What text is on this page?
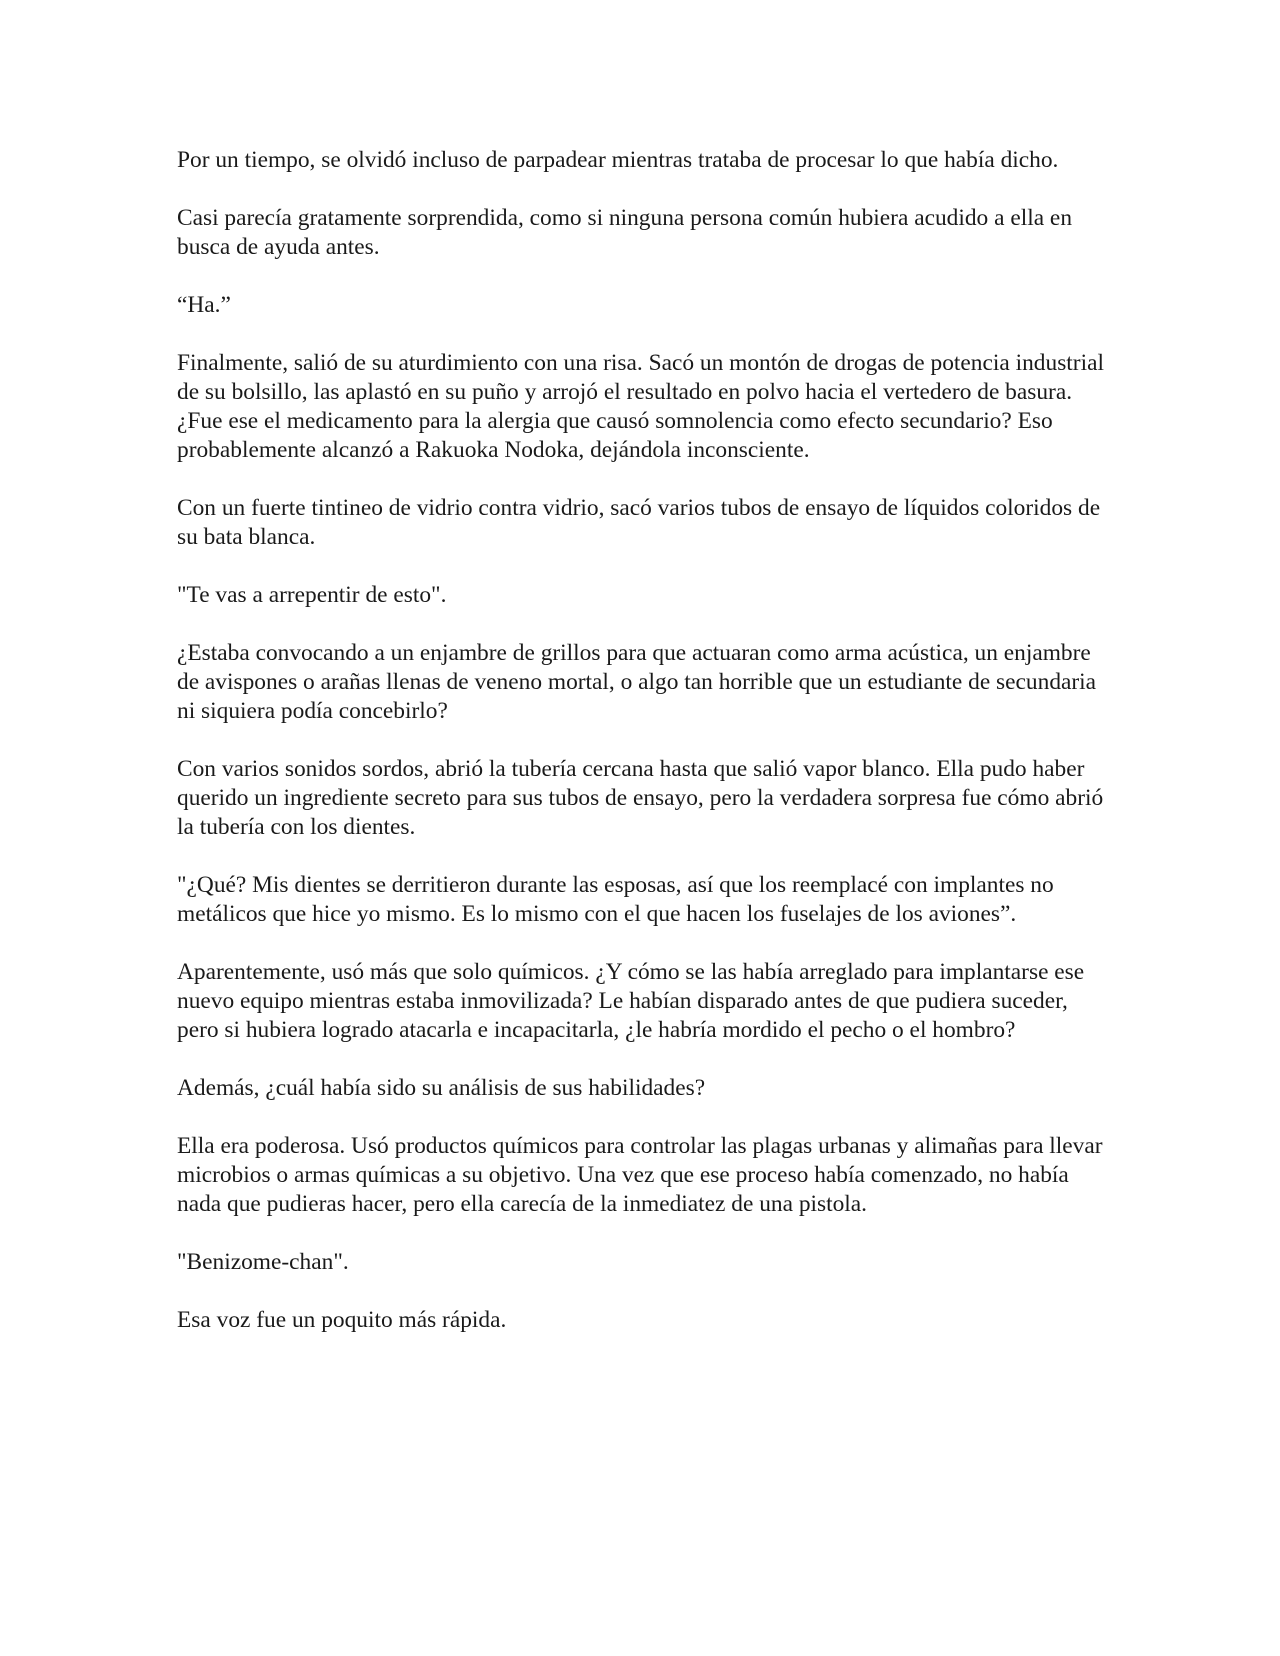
Por un tiempo, se olvidó incluso de parpadear mientras trataba de procesar lo que había dicho.

Casi parecía gratamente sorprendida, como si ninguna persona común hubiera acudido a ella en busca de ayuda antes.

“Ha.”

Finalmente, salió de su aturdimiento con una risa. Sacó un montón de drogas de potencia industrial de su bolsillo, las aplastó en su puño y arrojó el resultado en polvo hacia el vertedero de basura. ¿Fue ese el medicamento para la alergia que causó somnolencia como efecto secundario? Eso probablemente alcanzó a Rakuoka Nodoka, dejándola inconsciente.

Con un fuerte tintineo de vidrio contra vidrio, sacó varios tubos de ensayo de líquidos coloridos de su bata blanca.

"Te vas a arrepentir de esto".

¿Estaba convocando a un enjambre de grillos para que actuaran como arma acústica, un enjambre de avispones o arañas llenas de veneno mortal, o algo tan horrible que un estudiante de secundaria ni siquiera podía concebirlo?

Con varios sonidos sordos, abrió la tubería cercana hasta que salió vapor blanco. Ella pudo haber querido un ingrediente secreto para sus tubos de ensayo, pero la verdadera sorpresa fue cómo abrió la tubería con los dientes.

"¿Qué? Mis dientes se derritieron durante las esposas, así que los reemplacé con implantes no metálicos que hice yo mismo. Es lo mismo con el que hacen los fuselajes de los aviones”.

Aparentemente, usó más que solo químicos. ¿Y cómo se las había arreglado para implantarse ese nuevo equipo mientras estaba inmovilizada? Le habían disparado antes de que pudiera suceder, pero si hubiera logrado atacarla e incapacitarla, ¿le habría mordido el pecho o el hombro?

Además, ¿cuál había sido su análisis de sus habilidades?

Ella era poderosa. Usó productos químicos para controlar las plagas urbanas y alimañas para llevar microbios o armas químicas a su objetivo. Una vez que ese proceso había comenzado, no había nada que pudieras hacer, pero ella carecía de la inmediatez de una pistola.

"Benizome-chan".

Esa voz fue un poquito más rápida.
